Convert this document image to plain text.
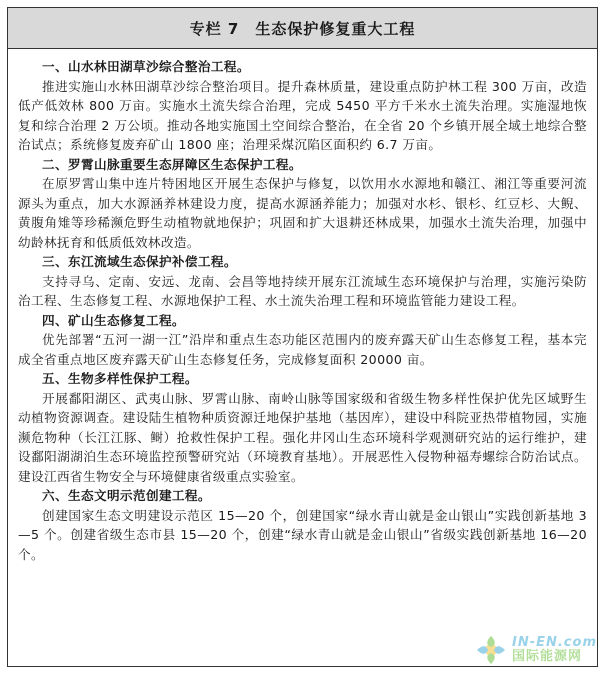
专栏 7 生态保护修复重大工程
一、山水林田湖草沙综合整治工程。

推进实施山水林田湖草沙综合整治项目。提升森林质量，建设重点防护林工程 300 万亩，改造低产低效林 800 万亩。实施水土流失综合治理，完成 5450 平方千米水土流失治理。实施湿地恢复和综合治理 2 万公顷。推动各地实施国土空间综合整治，在全省 20 个乡镇开展全域土地综合整治试点；系统修复废弃矿山 1800 座；治理采煤沉陷区面积约 6.7 万亩。

二、罗霄山脉重要生态屏障区生态保护工程。

在原罗霄山集中连片特困地区开展生态保护与修复，以饮用水水源地和赣江、湘江等重要河流源头为重点，加大水源涵养林建设力度，提高水源涵养能力；加强对水杉、银杉、红豆杉、大鲵、黄腹角雉等珍稀濒危野生动植物就地保护；巩固和扩大退耕还林成果，加强水土流失治理，加强中幼龄林抚育和低质低效林改造。

三、东江流域生态保护补偿工程。

支持寻乌、定南、安远、龙南、会昌等地持续开展东江流域生态环境保护与治理，实施污染防治工程、生态修复工程、水源地保护工程、水土流失治理工程和环境监管能力建设工程。

四、矿山生态修复工程。

优先部署“五河一湖一江”沿岸和重点生态功能区范围内的废弃露天矿山生态修复工程，基本完成全省重点地区废弃露天矿山生态修复任务，完成修复面积 20000 亩。

五、生物多样性保护工程。

开展鄱阳湖区、武夷山脉、罗霄山脉、南岭山脉等国家级和省级生物多样性保护优先区域野生动植物资源调查。建设陆生植物种质资源迁地保护基地（基因库），建设中科院亚热带植物园，实施濒危物种（长江江豚、鲥）抢救性保护工程。强化井冈山生态环境科学观测研究站的运行维护，建设鄱阳湖湖泊生态环境监控预警研究站（环境教育基地）。开展恶性入侵物种福寿螺综合防治试点。建设江西省生物安全与环境健康省级重点实验室。

六、生态文明示范创建工程。

创建国家生态文明建设示范区 15—20 个，创建国家“绿水青山就是金山银山”实践创新基地 3—5 个。创建省级生态市县 15—20 个，创建“绿水青山就是金山银山”省级实践创新基地 16—20 个。

IN-EN.com
国际能源网
